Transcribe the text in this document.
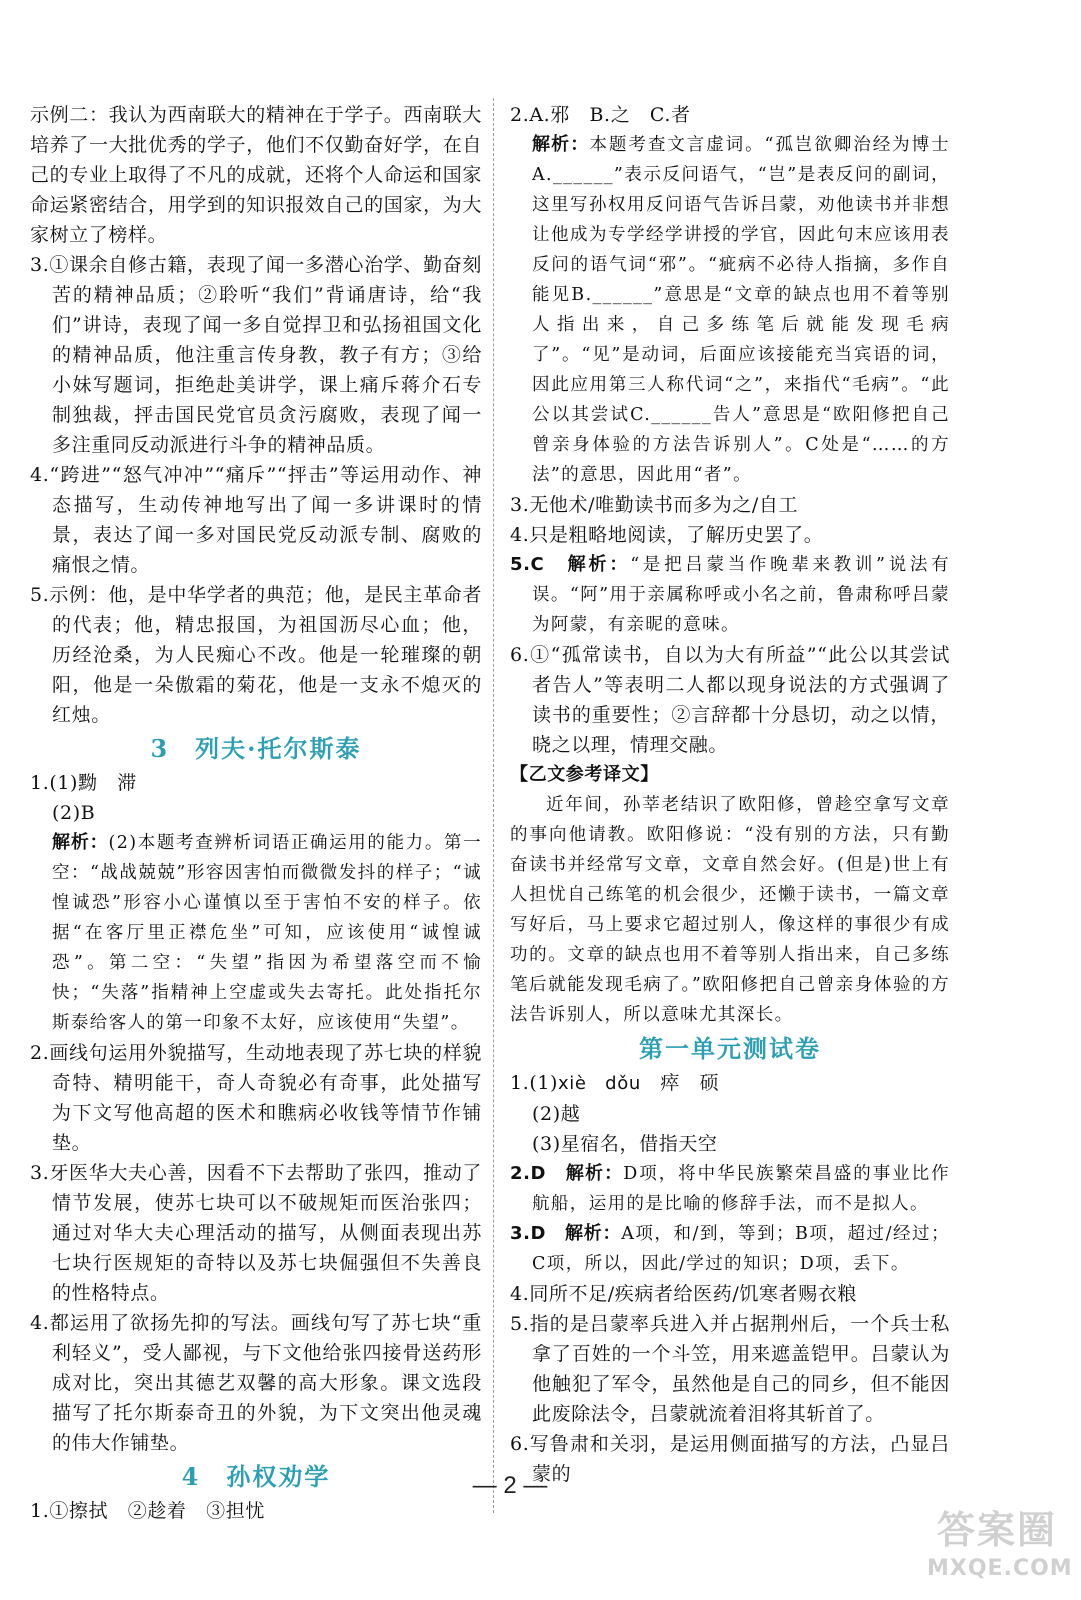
示例二：我认为西南联大的精神在于学子。西南联大培养了一大批优秀的学子，他们不仅勤奋好学，在自己的专业上取得了不凡的成就，还将个人命运和国家命运紧密结合，用学到的知识报效自己的国家，为大家树立了榜样。

3.①课余自修古籍，表现了闻一多潜心治学、勤奋刻苦的精神品质；②聆听“我们”背诵唐诗，给“我们”讲诗，表现了闻一多自觉捍卫和弘扬祖国文化的精神品质，他注重言传身教，教子有方；③给小妹写题词，拒绝赴美讲学，课上痛斥蒋介石专制独裁，抨击国民党官员贪污腐败，表现了闻一多注重同反动派进行斗争的精神品质。

4.“跨进”“怒气冲冲”“痛斥”“抨击”等运用动作、神态描写，生动传神地写出了闻一多讲课时的情景，表达了闻一多对国民党反动派专制、腐败的痛恨之情。

5.示例：他，是中华学者的典范；他，是民主革命者的代表；他，精忠报国，为祖国沥尽心血；他，历经沧桑，为人民痴心不改。他是一轮璀璨的朝阳，他是一朵傲霜的菊花，他是一支永不熄灭的红烛。

3　列夫·托尔斯泰

1.(1)黝　滞

(2)B

解析：(2)本题考查辨析词语正确运用的能力。第一空：“战战兢兢”形容因害怕而微微发抖的样子；“诚惶诚恐”形容小心谨慎以至于害怕不安的样子。依据“在客厅里正襟危坐”可知，应该使用“诚惶诚恐”。第二空：“失望”指因为希望落空而不愉快；“失落”指精神上空虚或失去寄托。此处指托尔斯泰给客人的第一印象不太好，应该使用“失望”。

2.画线句运用外貌描写，生动地表现了苏七块的样貌奇特、精明能干，奇人奇貌必有奇事，此处描写为下文写他高超的医术和瞧病必收钱等情节作铺垫。

3.牙医华大夫心善，因看不下去帮助了张四，推动了情节发展，使苏七块可以不破规矩而医治张四；通过对华大夫心理活动的描写，从侧面表现出苏七块行医规矩的奇特以及苏七块倔强但不失善良的性格特点。

4.都运用了欲扬先抑的写法。画线句写了苏七块“重利轻义”，受人鄙视，与下文他给张四接骨送药形成对比，突出其德艺双馨的高大形象。课文选段描写了托尔斯泰奇丑的外貌，为下文突出他灵魂的伟大作铺垫。

4　孙权劝学

1.①擦拭　②趁着　③担忧

2.A.邪　B.之　C.者

解析：本题考查文言虚词。“孤岂欲卿治经为博士A.______”表示反问语气，“岂”是表反问的副词，这里写孙权用反问语气告诉吕蒙，劝他读书并非想让他成为专学经学讲授的学官，因此句末应该用表反问的语气词“邪”。“疵病不必待人指摘，多作自能见B.______”意思是“文章的缺点也用不着等别人指出来，自己多练笔后就能发现毛病了”。“见”是动词，后面应该接能充当宾语的词，因此应用第三人称代词“之”，来指代“毛病”。“此公以其尝试C.______告人”意思是“欧阳修把自己曾亲身体验的方法告诉别人”。C处是“……的方法”的意思，因此用“者”。

3.无他术/唯勤读书而多为之/自工

4.只是粗略地阅读，了解历史罢了。

5.C　解析：“是把吕蒙当作晚辈来教训”说法有误。“阿”用于亲属称呼或小名之前，鲁肃称呼吕蒙为阿蒙，有亲昵的意味。

6.①“孤常读书，自以为大有所益”“此公以其尝试者告人”等表明二人都以现身说法的方式强调了读书的重要性；②言辞都十分恳切，动之以情，晓之以理，情理交融。

【乙文参考译文】

近年间，孙莘老结识了欧阳修，曾趁空拿写文章的事向他请教。欧阳修说：“没有别的方法，只有勤奋读书并经常写文章，文章自然会好。(但是)世上有人担忧自己练笔的机会很少，还懒于读书，一篇文章写好后，马上要求它超过别人，像这样的事很少有成功的。文章的缺点也用不着等别人指出来，自己多练笔后就能发现毛病了。”欧阳修把自己曾亲身体验的方法告诉别人，所以意味尤其深长。

第一单元测试卷

1.(1)xiè　dǒu　瘁　硕

(2)越

(3)星宿名，借指天空

2.D　解析：D项，将中华民族繁荣昌盛的事业比作航船，运用的是比喻的修辞手法，而不是拟人。

3.D　解析：A项，和/到，等到；B项，超过/经过；C项，所以，因此/学过的知识；D项，丢下。

4.同所不足/疾病者给医药/饥寒者赐衣粮

5.指的是吕蒙率兵进入并占据荆州后，一个兵士私拿了百姓的一个斗笠，用来遮盖铠甲。吕蒙认为他触犯了军令，虽然他是自己的同乡，但不能因此废除法令，吕蒙就流着泪将其斩首了。

6.写鲁肃和关羽，是运用侧面描写的方法，凸显吕蒙的

— 2 —
答案圈
MXQE.COM
